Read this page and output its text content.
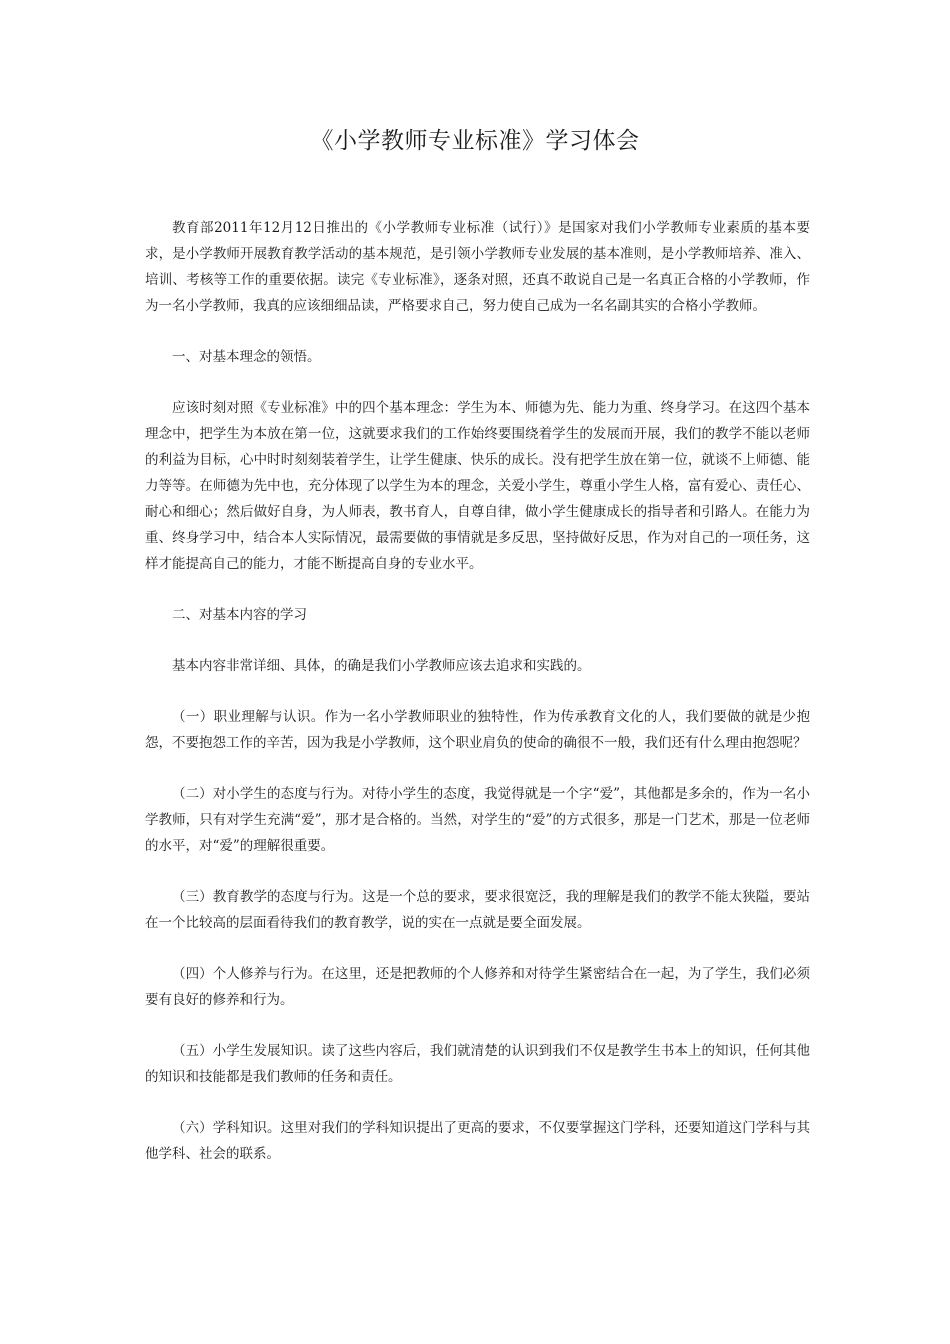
《小学教师专业标准》学习体会

教育部2011年12月12日推出的《小学教师专业标准（试行）》是国家对我们小学教师专业素质的基本要求，是小学教师开展教育教学活动的基本规范，是引领小学教师专业发展的基本准则，是小学教师培养、准入、培训、考核等工作的重要依据。读完《专业标准》，逐条对照，还真不敢说自己是一名真正合格的小学教师，作为一名小学教师，我真的应该细细品读，严格要求自己，努力使自己成为一名名副其实的合格小学教师。

一、对基本理念的领悟。

应该时刻对照《专业标准》中的四个基本理念：学生为本、师德为先、能力为重、终身学习。在这四个基本理念中，把学生为本放在第一位，这就要求我们的工作始终要围绕着学生的发展而开展，我们的教学不能以老师的利益为目标，心中时时刻刻装着学生，让学生健康、快乐的成长。没有把学生放在第一位，就谈不上师德、能力等等。在师德为先中也，充分体现了以学生为本的理念，关爱小学生，尊重小学生人格，富有爱心、责任心、耐心和细心；然后做好自身，为人师表，教书育人，自尊自律，做小学生健康成长的指导者和引路人。在能力为重、终身学习中，结合本人实际情况，最需要做的事情就是多反思，坚持做好反思，作为对自己的一项任务，这样才能提高自己的能力，才能不断提高自身的专业水平。

二、对基本内容的学习

基本内容非常详细、具体，的确是我们小学教师应该去追求和实践的。

（一）职业理解与认识。作为一名小学教师职业的独特性，作为传承教育文化的人，我们要做的就是少抱怨，不要抱怨工作的辛苦，因为我是小学教师，这个职业肩负的使命的确很不一般，我们还有什么理由抱怨呢？

（二）对小学生的态度与行为。对待小学生的态度，我觉得就是一个字“爱”，其他都是多余的，作为一名小学教师，只有对学生充满“爱”，那才是合格的。当然，对学生的“爱”的方式很多，那是一门艺术，那是一位老师的水平，对“爱”的理解很重要。

（三）教育教学的态度与行为。这是一个总的要求，要求很宽泛，我的理解是我们的教学不能太狭隘，要站在一个比较高的层面看待我们的教育教学，说的实在一点就是要全面发展。

（四）个人修养与行为。在这里，还是把教师的个人修养和对待学生紧密结合在一起，为了学生，我们必须要有良好的修养和行为。

（五）小学生发展知识。读了这些内容后，我们就清楚的认识到我们不仅是教学生书本上的知识，任何其他的知识和技能都是我们教师的任务和责任。

（六）学科知识。这里对我们的学科知识提出了更高的要求，不仅要掌握这门学科，还要知道这门学科与其他学科、社会的联系。
